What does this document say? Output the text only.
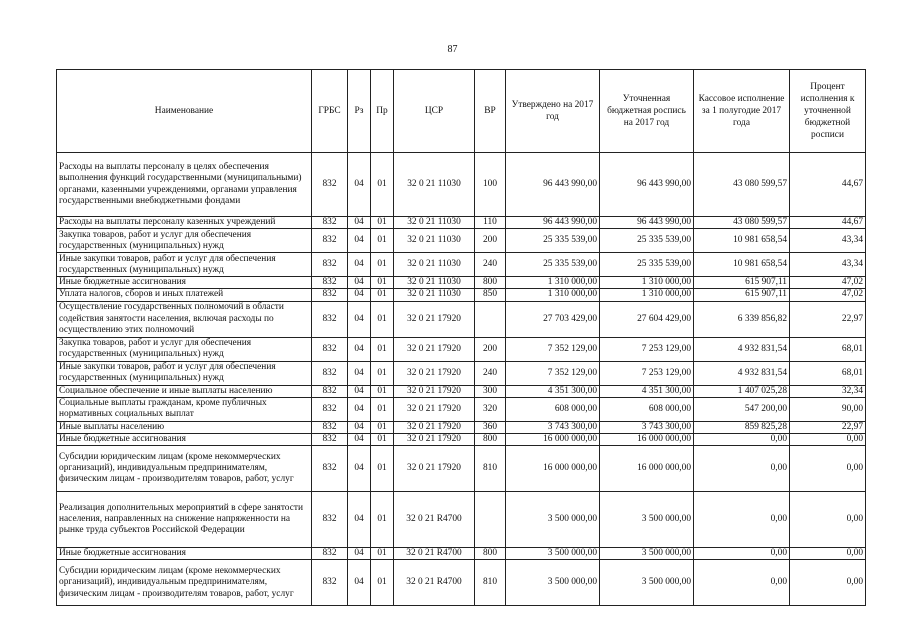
87
Наименование	ГРБС	Рз	Пр	ЦСР	ВР	Утверждено на 2017 год	Уточненная бюджетная роспись на 2017 год	Кассовое исполнение за 1 полугодие 2017 года	Процент исполнения к уточненной бюджетной росписи
Расходы на выплаты персоналу в целях обеспечения выполнения функций государственными (муниципальными) органами, казенными учреждениями, органами управления государственными внебюджетными фондами	832	04	01	32 0 21 11030	100	96 443 990,00	96 443 990,00	43 080 599,57	44,67
Расходы на выплаты персоналу казенных учреждений	832	04	01	32 0 21 11030	110	96 443 990,00	96 443 990,00	43 080 599,57	44,67
Закупка товаров, работ и услуг для обеспечения государственных (муниципальных) нужд	832	04	01	32 0 21 11030	200	25 335 539,00	25 335 539,00	10 981 658,54	43,34
Иные закупки товаров, работ и услуг для обеспечения государственных (муниципальных) нужд	832	04	01	32 0 21 11030	240	25 335 539,00	25 335 539,00	10 981 658,54	43,34
Иные бюджетные ассигнования	832	04	01	32 0 21 11030	800	1 310 000,00	1 310 000,00	615 907,11	47,02
Уплата налогов, сборов и иных платежей	832	04	01	32 0 21 11030	850	1 310 000,00	1 310 000,00	615 907,11	47,02
Осуществление государственных полномочий в области содействия занятости населения, включая расходы по осуществлению этих полномочий	832	04	01	32 0 21 17920		27 703 429,00	27 604 429,00	6 339 856,82	22,97
Закупка товаров, работ и услуг для обеспечения государственных (муниципальных) нужд	832	04	01	32 0 21 17920	200	7 352 129,00	7 253 129,00	4 932 831,54	68,01
Иные закупки товаров, работ и услуг для обеспечения государственных (муниципальных) нужд	832	04	01	32 0 21 17920	240	7 352 129,00	7 253 129,00	4 932 831,54	68,01
Социальное обеспечение и иные выплаты населению	832	04	01	32 0 21 17920	300	4 351 300,00	4 351 300,00	1 407 025,28	32,34
Социальные выплаты гражданам, кроме публичных нормативных социальных выплат	832	04	01	32 0 21 17920	320	608 000,00	608 000,00	547 200,00	90,00
Иные выплаты населению	832	04	01	32 0 21 17920	360	3 743 300,00	3 743 300,00	859 825,28	22,97
Иные бюджетные ассигнования	832	04	01	32 0 21 17920	800	16 000 000,00	16 000 000,00	0,00	0,00
Субсидии юридическим лицам (кроме некоммерческих организаций), индивидуальным предпринимателям, физическим лицам - производителям товаров, работ, услуг	832	04	01	32 0 21 17920	810	16 000 000,00	16 000 000,00	0,00	0,00
Реализация дополнительных мероприятий в сфере занятости населения, направленных на снижение напряженности на рынке труда субъектов Российской Федерации	832	04	01	32 0 21 R4700		3 500 000,00	3 500 000,00	0,00	0,00
Иные бюджетные ассигнования	832	04	01	32 0 21 R4700	800	3 500 000,00	3 500 000,00	0,00	0,00
Субсидии юридическим лицам (кроме некоммерческих организаций), индивидуальным предпринимателям, физическим лицам - производителям товаров, работ, услуг	832	04	01	32 0 21 R4700	810	3 500 000,00	3 500 000,00	0,00	0,00
